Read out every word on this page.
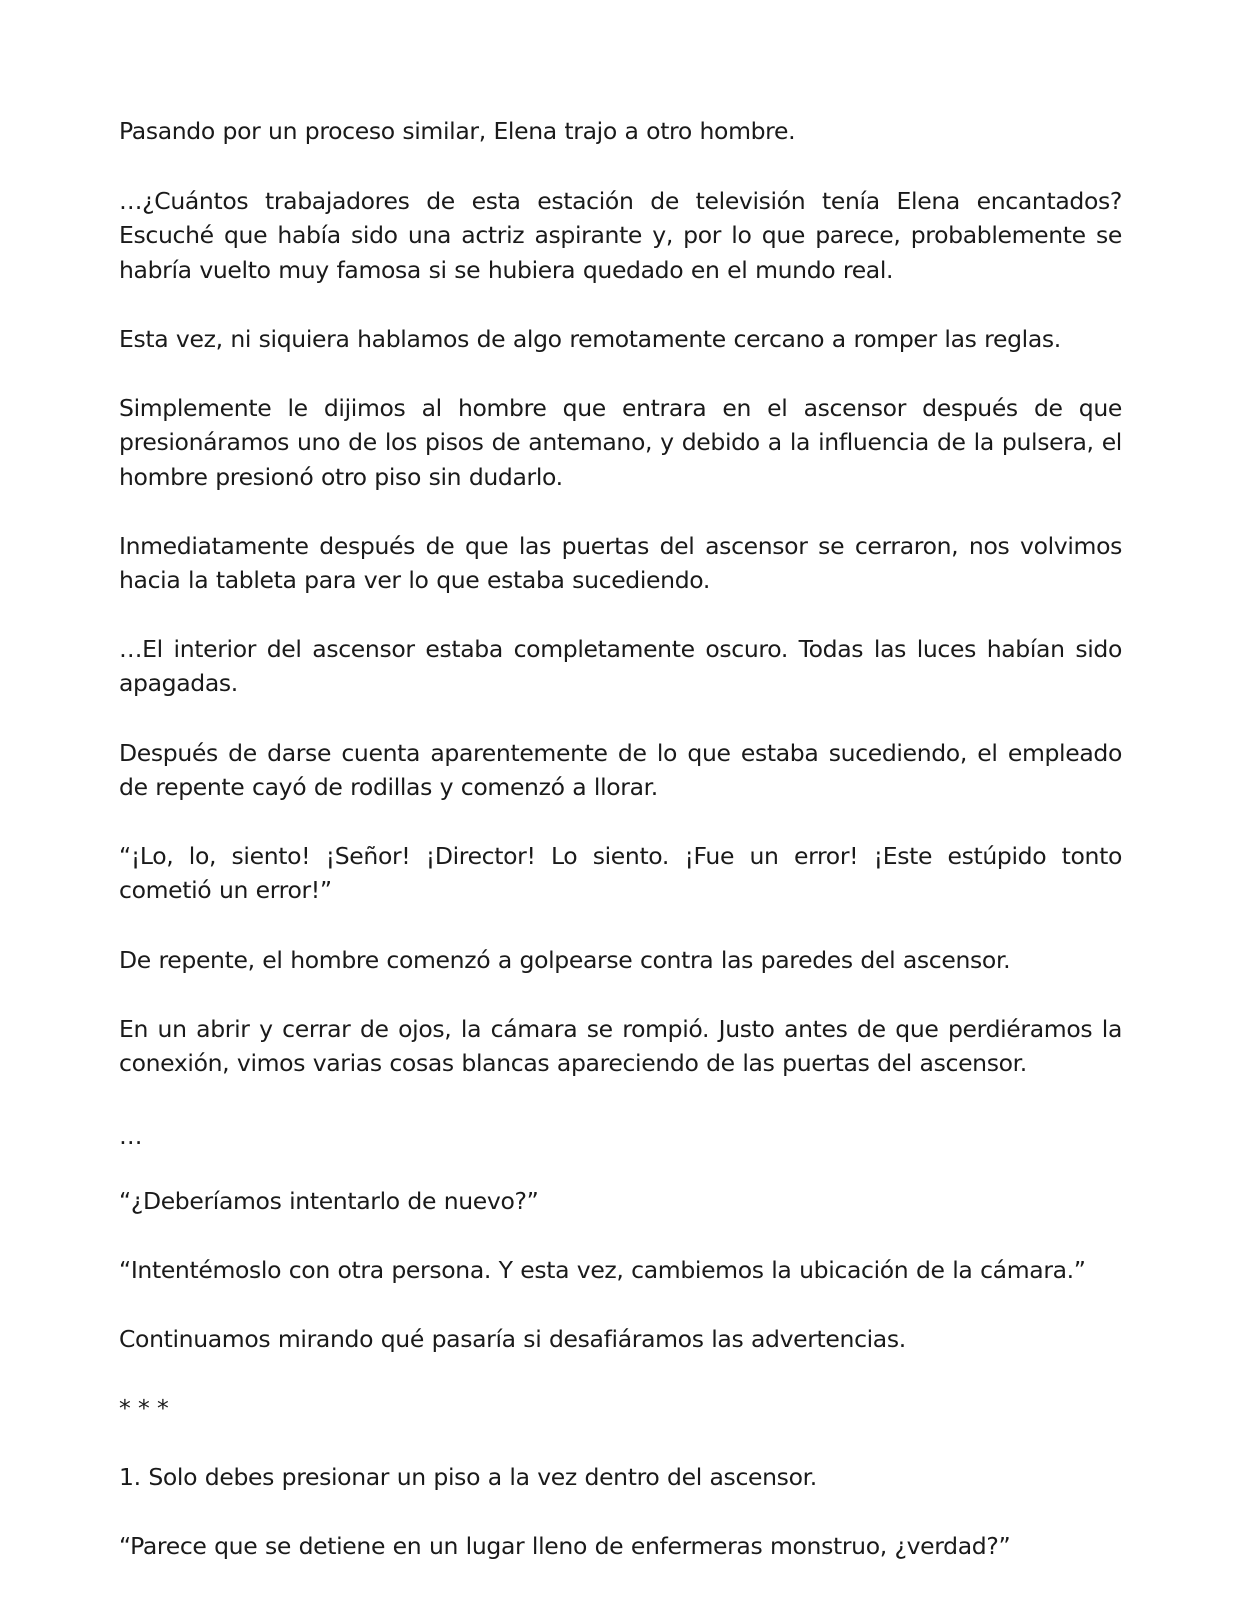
Pasando por un proceso similar, Elena trajo a otro hombre.

…¿Cuántos trabajadores de esta estación de televisión tenía Elena encantados? Escuché que había sido una actriz aspirante y, por lo que parece, probablemente se habría vuelto muy famosa si se hubiera quedado en el mundo real.

Esta vez, ni siquiera hablamos de algo remotamente cercano a romper las reglas.

Simplemente le dijimos al hombre que entrara en el ascensor después de que presionáramos uno de los pisos de antemano, y debido a la influencia de la pulsera, el hombre presionó otro piso sin dudarlo.

Inmediatamente después de que las puertas del ascensor se cerraron, nos volvimos hacia la tableta para ver lo que estaba sucediendo.

…El interior del ascensor estaba completamente oscuro. Todas las luces habían sido apagadas.

Después de darse cuenta aparentemente de lo que estaba sucediendo, el empleado de repente cayó de rodillas y comenzó a llorar.

“¡Lo, lo, siento! ¡Señor! ¡Director! Lo siento. ¡Fue un error! ¡Este estúpido tonto cometió un error!”

De repente, el hombre comenzó a golpearse contra las paredes del ascensor.

En un abrir y cerrar de ojos, la cámara se rompió. Justo antes de que perdiéramos la conexión, vimos varias cosas blancas apareciendo de las puertas del ascensor.

…

“¿Deberíamos intentarlo de nuevo?”

“Intentémoslo con otra persona. Y esta vez, cambiemos la ubicación de la cámara.”

Continuamos mirando qué pasaría si desafiáramos las advertencias.

* * *

1. Solo debes presionar un piso a la vez dentro del ascensor.

“Parece que se detiene en un lugar lleno de enfermeras monstruo, ¿verdad?”
